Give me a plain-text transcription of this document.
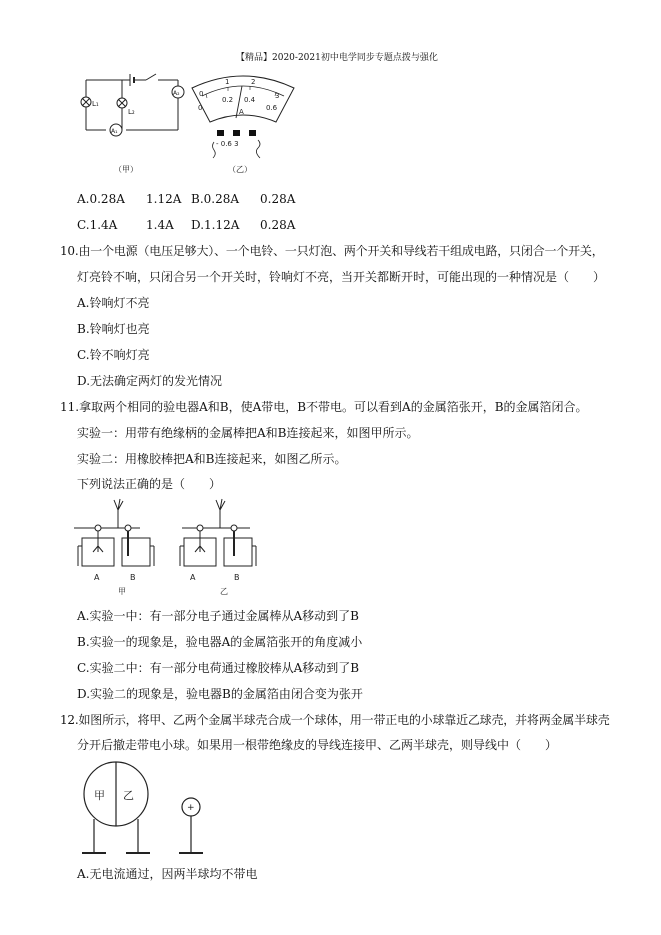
【精品】2020-2021初中电学同步专题点拨与强化
L₁
L₂
A₂
A₁
（甲）
0
1	2
3
0
0.2 0.4
0.6
A
- 0.6 3
（乙）
A.0.28A 1.12A B.0.28A 0.28A
C.1.4A 1.4A D.1.12A 0.28A
10.由一个电源（电压足够大）、一个电铃、一只灯泡、两个开关和导线若干组成电路，只闭合一个开关，
灯亮铃不响，只闭合另一个开关时，铃响灯不亮，当开关都断开时，可能出现的一种情况是（　　）
A.铃响灯不亮
B.铃响灯也亮
C.铃不响灯亮
D.无法确定两灯的发光情况
11.拿取两个相同的验电器A和B，使A带电，B不带电。可以看到A的金属箔张开，B的金属箔闭合。
实验一：用带有绝缘柄的金属棒把A和B连接起来，如图甲所示。
实验二：用橡胶棒把A和B连接起来，如图乙所示。
下列说法正确的是（　　）
A	B
甲
A	B
乙
A.实验一中：有一部分电子通过金属棒从A移动到了B
B.实验一的现象是，验电器A的金属箔张开的角度减小
C.实验二中：有一部分电荷通过橡胶棒从A移动到了B
D.实验二的现象是，验电器B的金属箔由闭合变为张开
12.如图所示，将甲、乙两个金属半球壳合成一个球体，用一带正电的小球靠近乙球壳，并将两金属半球壳
分开后撤走带电小球。如果用一根带绝缘皮的导线连接甲、乙两半球壳，则导线中（　　）
甲 乙
+
A.无电流通过，因两半球均不带电
